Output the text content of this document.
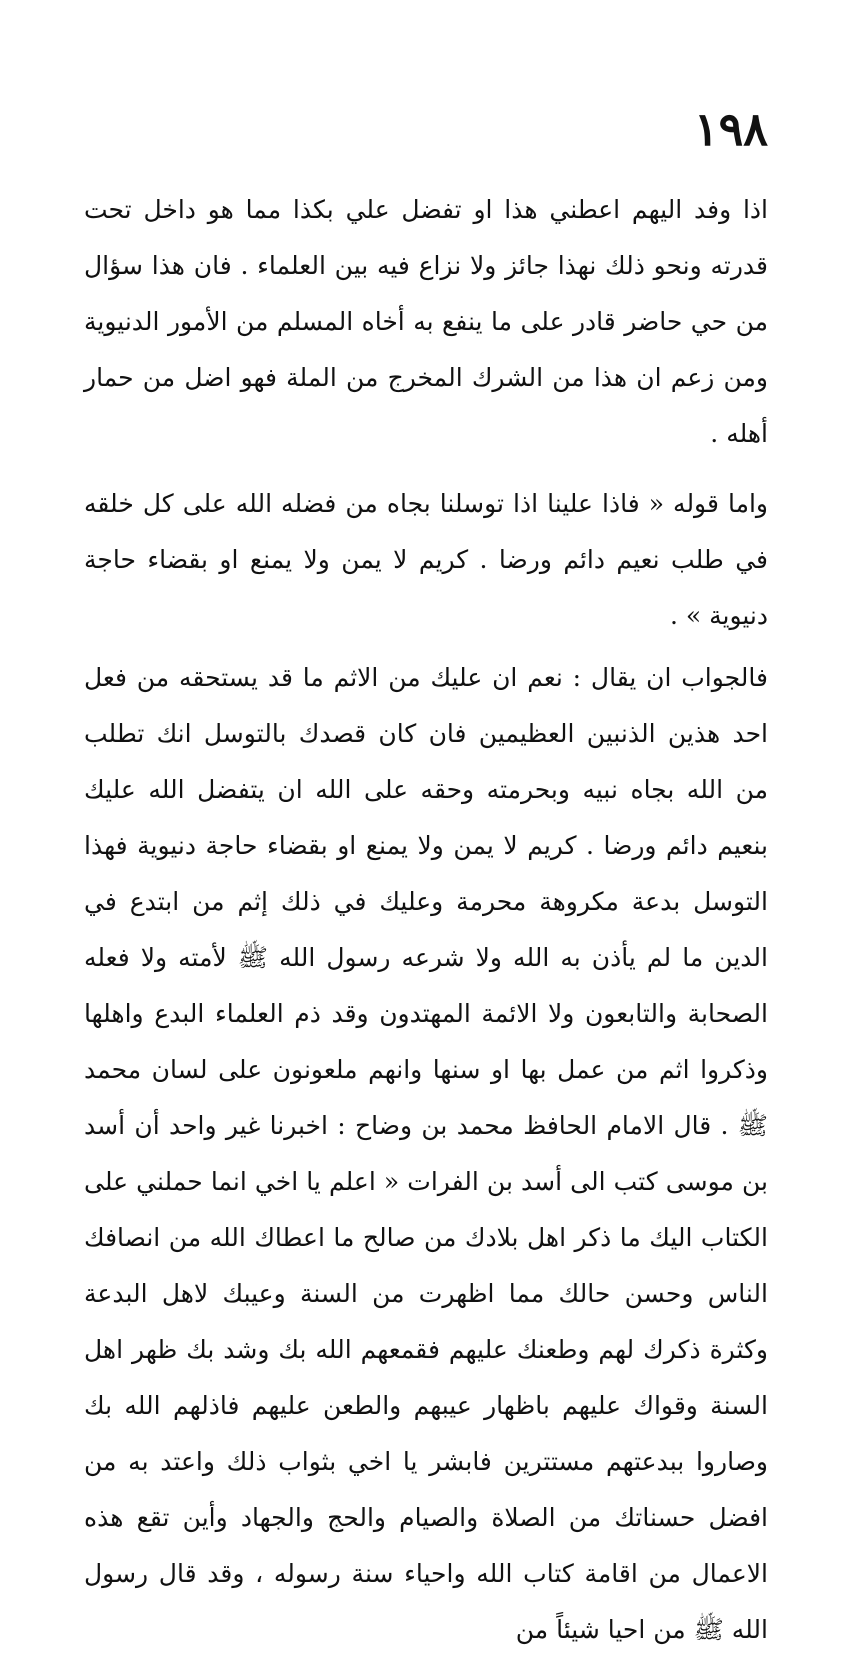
١٩٨

اذا وفد اليهم اعطني هذا او تفضل علي بكذا مما هو داخل تحت قدرته ونحو ذلك نهذا جائز ولا نزاع فيه بين العلماء . فان هذا سؤال من حي حاضر قادر على ما ينفع به أخاه المسلم من الأمور الدنيوية ومن زعم ان هذا من الشرك المخرج من الملة فهو اضل من حمار أهله .

واما قوله « فاذا علينا اذا توسلنا بجاه من فضله الله على كل خلقه في طلب نعيم دائم ورضا . كريم لا يمن ولا يمنع او بقضاء حاجة دنيوية » .

فالجواب ان يقال : نعم ان عليك من الاثم ما قد يستحقه من فعل احد هذين الذنبين العظيمين فان كان قصدك بالتوسل انك تطلب من الله بجاه نبيه وبحرمته وحقه على الله ان يتفضل الله عليك بنعيم دائم ورضا . كريم لا يمن ولا يمنع او بقضاء حاجة دنيوية فهذا التوسل بدعة مكروهة محرمة وعليك في ذلك إثم من ابتدع في الدين ما لم يأذن به الله ولا شرعه رسول الله ﷺ لأمته ولا فعله الصحابة والتابعون ولا الائمة المهتدون وقد ذم العلماء البدع واهلها وذكروا اثم من عمل بها او سنها وانهم ملعونون على لسان محمد ﷺ . قال الامام الحافظ محمد بن وضاح : اخبرنا غير واحد أن أسد بن موسى كتب الى أسد بن الفرات « اعلم يا اخي انما حملني على الكتاب اليك ما ذكر اهل بلادك من صالح ما اعطاك الله من انصافك الناس وحسن حالك مما اظهرت من السنة وعيبك لاهل البدعة وكثرة ذكرك لهم وطعنك عليهم فقمعهم الله بك وشد بك ظهر اهل السنة وقواك عليهم باظهار عيبهم والطعن عليهم فاذلهم الله بك وصاروا ببدعتهم مستترين فابشر يا اخي بثواب ذلك واعتد به من افضل حسناتك من الصلاة والصيام والحج والجهاد وأين تقع هذه الاعمال من اقامة كتاب الله واحياء سنة رسوله ، وقد قال رسول الله ﷺ من احيا شيئاً من
